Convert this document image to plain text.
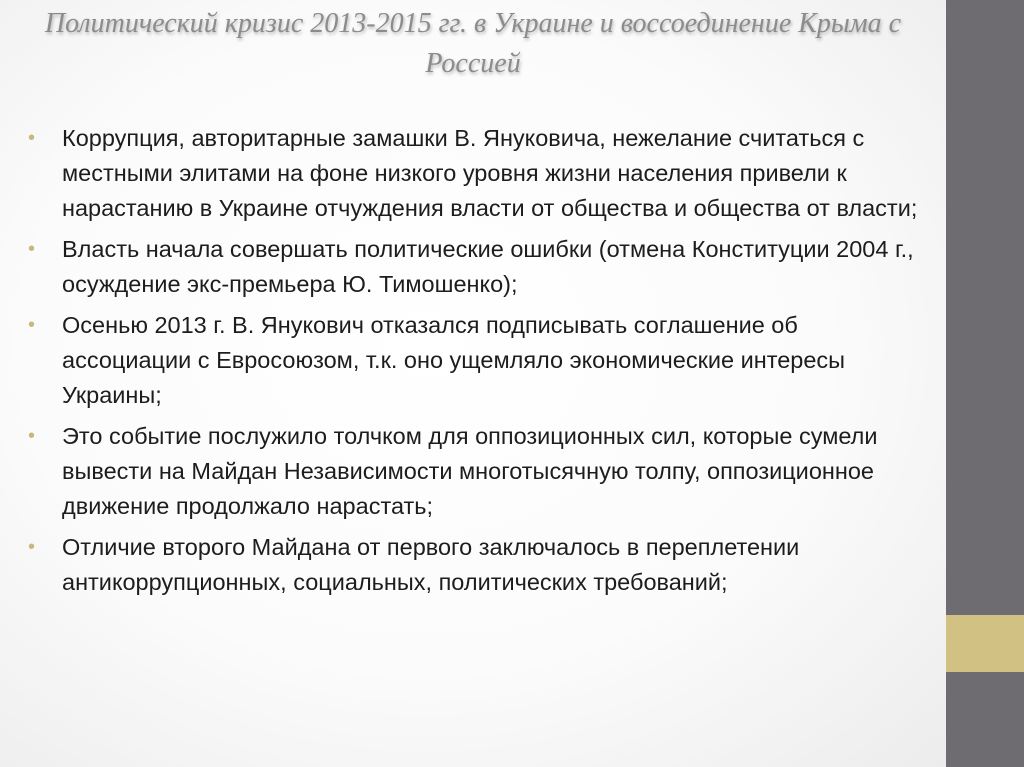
Политический кризис 2013-2015 гг. в Украине и воссоединение Крыма с Россией
• Коррупция, авторитарные замашки В. Януковича, нежелание считаться с местными элитами на фоне низкого уровня жизни населения привели к нарастанию в Украине отчуждения власти от общества и общества от власти;
• Власть начала совершать политические ошибки (отмена Конституции 2004 г., осуждение экс-премьера Ю. Тимошенко);
• Осенью 2013 г. В. Янукович отказался подписывать соглашение об ассоциации с Евросоюзом, т.к. оно ущемляло экономические интересы Украины;
• Это событие послужило толчком для оппозиционных сил, которые сумели вывести на Майдан Независимости многотысячную толпу, оппозиционное движение продолжало нарастать;
• Отличие второго Майдана от первого заключалось в переплетении антикоррупционных, социальных, политических требований;
